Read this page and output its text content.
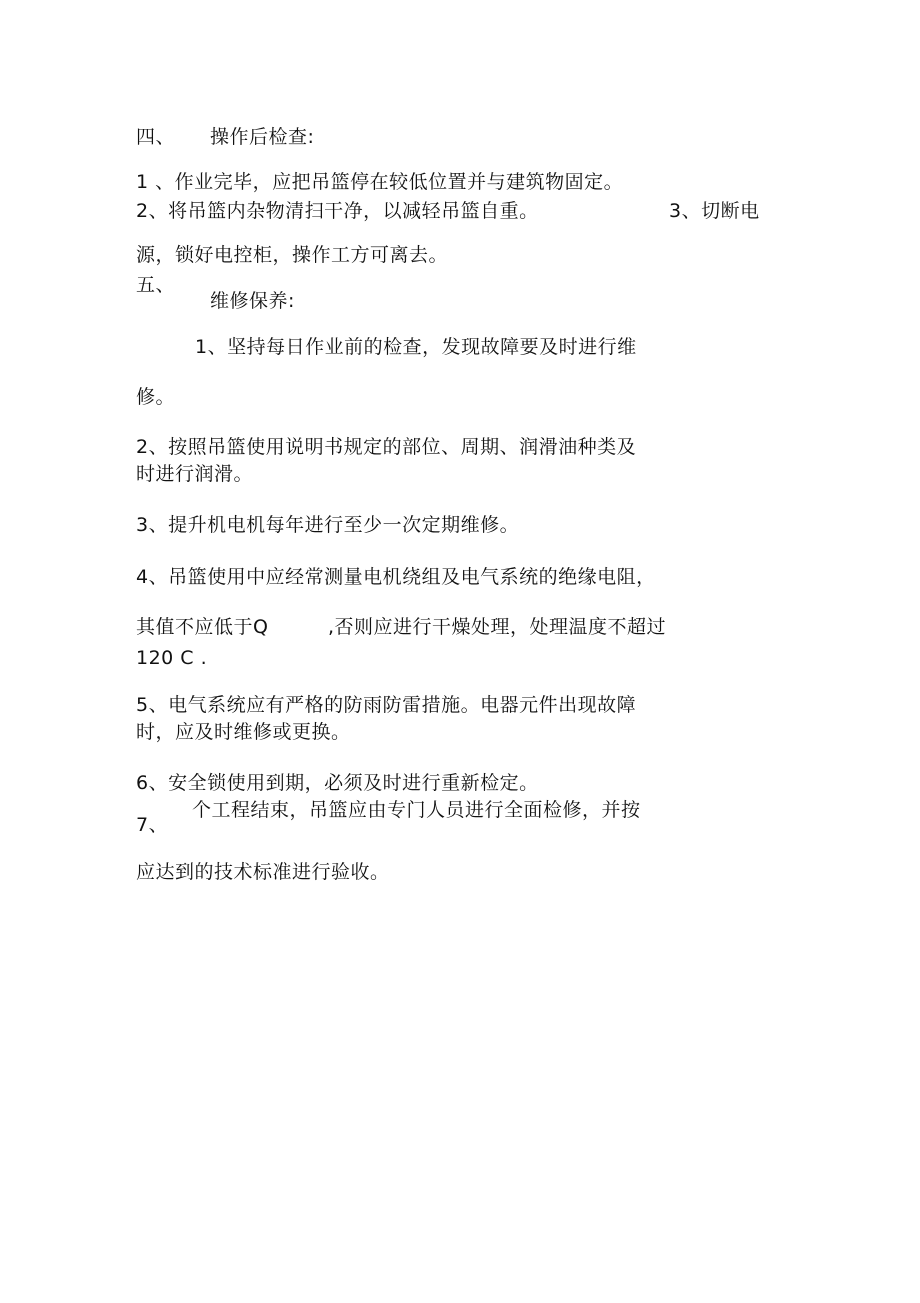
四、 操作后检查:
1 、作业完毕，应把吊篮停在较低位置并与建筑物固定。
2、将吊篮内杂物清扫干净，以减轻吊篮自重。	3、切断电
源，锁好电控柜，操作工方可离去。
五、
维修保养:
1、坚持每日作业前的检查，发现故障要及时进行维
修。
2、按照吊篮使用说明书规定的部位、周期、润滑油种类及
时进行润滑。
3、提升机电机每年进行至少一次定期维修。
4、吊篮使用中应经常测量电机绕组及电气系统的绝缘电阻，
其值不应低于Q	,否则应进行干燥处理，处理温度不超过
120 C .
5、电气系统应有严格的防雨防雷措施。电器元件出现故障
时，应及时维修或更换。
6、安全锁使用到期，必须及时进行重新检定。
7、
个工程结束，吊篮应由专门人员进行全面检修，并按
应达到的技术标准进行验收。
